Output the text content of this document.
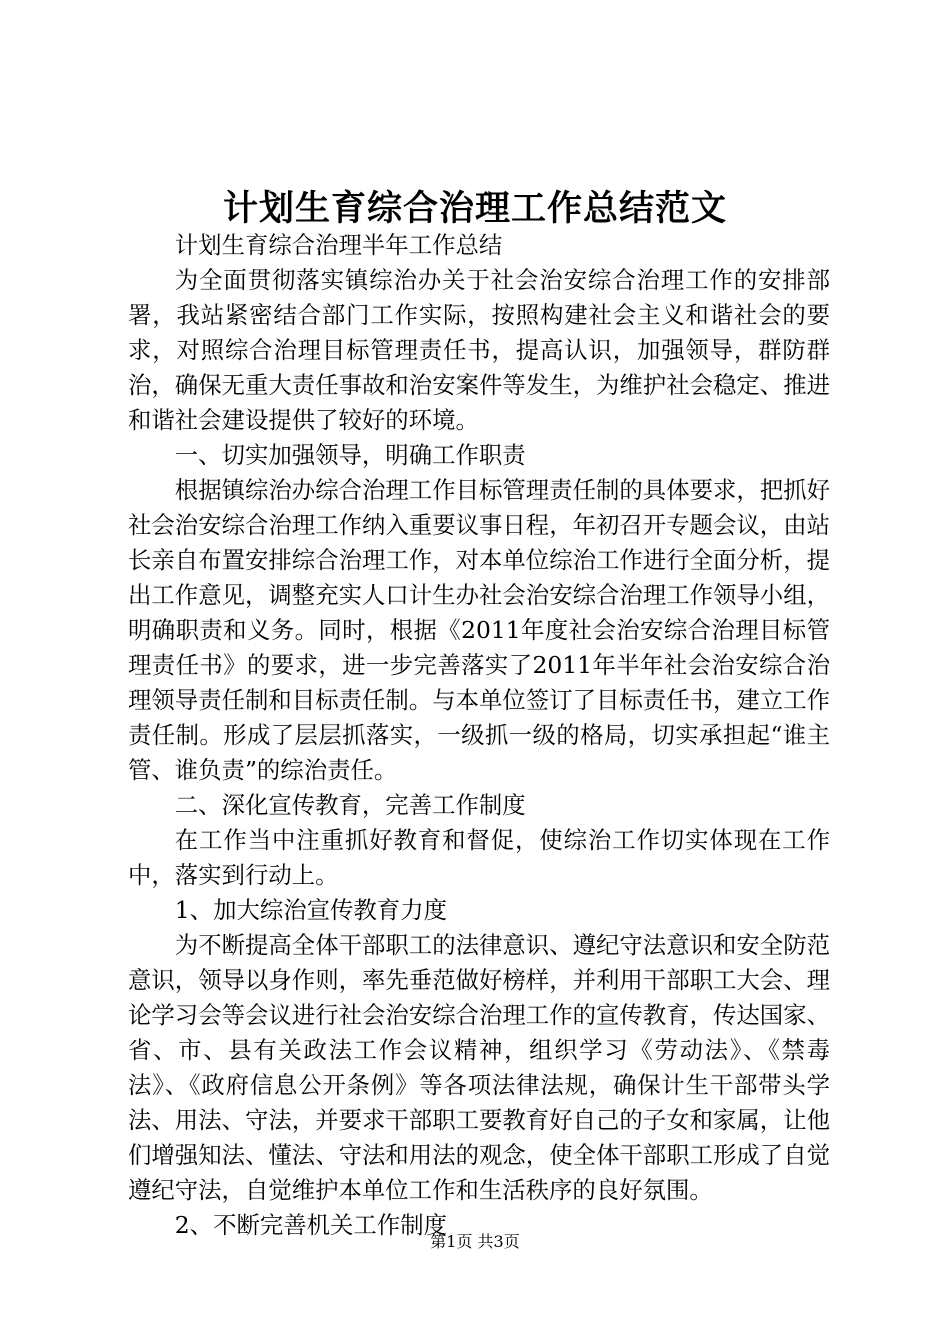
计划生育综合治理工作总结范文

计划生育综合治理半年工作总结

为全面贯彻落实镇综治办关于社会治安综合治理工作的安排部署，我站紧密结合部门工作实际，按照构建社会主义和谐社会的要求，对照综合治理目标管理责任书，提高认识，加强领导，群防群治，确保无重大责任事故和治安案件等发生，为维护社会稳定、推进和谐社会建设提供了较好的环境。

一、切实加强领导，明确工作职责

根据镇综治办综合治理工作目标管理责任制的具体要求，把抓好社会治安综合治理工作纳入重要议事日程，年初召开专题会议，由站长亲自布置安排综合治理工作，对本单位综治工作进行全面分析，提出工作意见，调整充实人口计生办社会治安综合治理工作领导小组，明确职责和义务。同时，根据《2011年度社会治安综合治理目标管理责任书》的要求，进一步完善落实了2011年半年社会治安综合治理领导责任制和目标责任制。与本单位签订了目标责任书，建立工作责任制。形成了层层抓落实，一级抓一级的格局，切实承担起“谁主管、谁负责”的综治责任。

二、深化宣传教育，完善工作制度

在工作当中注重抓好教育和督促，使综治工作切实体现在工作中，落实到行动上。

1、加大综治宣传教育力度

为不断提高全体干部职工的法律意识、遵纪守法意识和安全防范意识，领导以身作则，率先垂范做好榜样，并利用干部职工大会、理论学习会等会议进行社会治安综合治理工作的宣传教育，传达国家、省、市、县有关政法工作会议精神，组织学习《劳动法》、《禁毒法》、《政府信息公开条例》等各项法律法规，确保计生干部带头学法、用法、守法，并要求干部职工要教育好自己的子女和家属，让他们增强知法、懂法、守法和用法的观念，使全体干部职工形成了自觉遵纪守法，自觉维护本单位工作和生活秩序的良好氛围。

2、不断完善机关工作制度

第1页 共3页
